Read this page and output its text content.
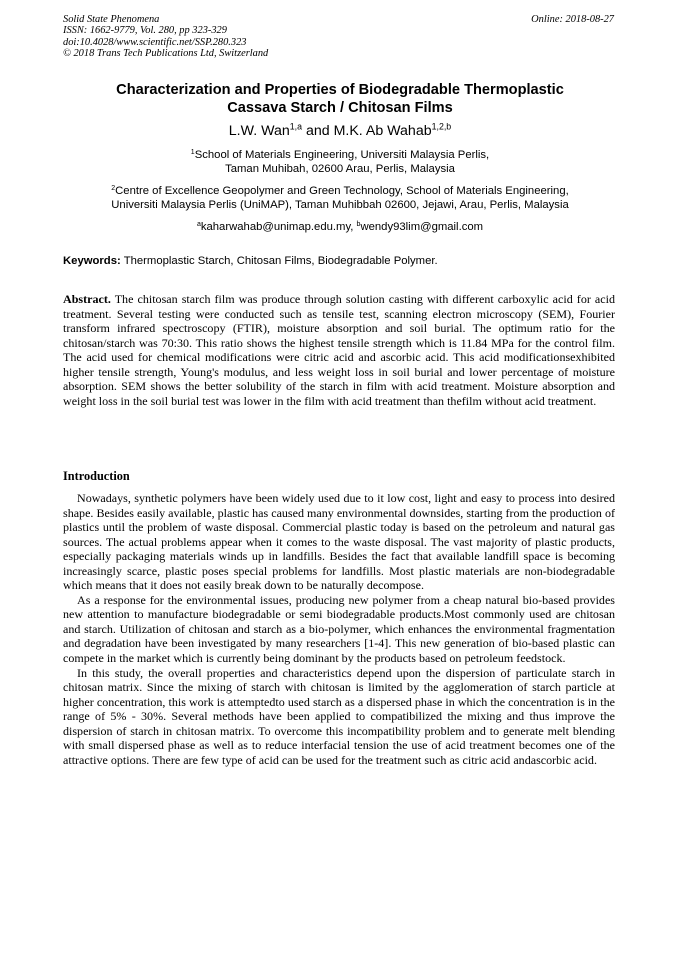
Solid State Phenomena
ISSN: 1662-9779, Vol. 280, pp 323-329
doi:10.4028/www.scientific.net/SSP.280.323
© 2018 Trans Tech Publications Ltd, Switzerland
Online: 2018-08-27
Characterization and Properties of Biodegradable Thermoplastic
Cassava Starch / Chitosan Films
L.W. Wan$^{1,a}$ and M.K. Ab Wahab$^{1,2,b}$
$^1$School of Materials Engineering, Universiti Malaysia Perlis,
Taman Muhibah, 02600 Arau, Perlis, Malaysia
$^2$Centre of Excellence Geopolymer and Green Technology, School of Materials Engineering,
Universiti Malaysia Perlis (UniMAP), Taman Muhibbah 02600, Jejawi, Arau, Perlis, Malaysia
$^a$kaharwahab@unimap.edu.my, $^b$wendy93lim@gmail.com
Keywords: Thermoplastic Starch, Chitosan Films, Biodegradable Polymer.

Abstract. The chitosan starch film was produce through solution casting with different carboxylic acid for acid treatment. Several testing were conducted such as tensile test, scanning electron microscopy (SEM), Fourier transform infrared spectroscopy (FTIR), moisture absorption and soil burial. The optimum ratio for the chitosan/starch was 70:30. This ratio shows the highest tensile strength which is 11.84 MPa for the control film. The acid used for chemical modifications were citric acid and ascorbic acid. This acid modificationsexhibited higher tensile strength, Young's modulus, and less weight loss in soil burial and lower percentage of moisture absorption. SEM shows the better solubility of the starch in film with acid treatment. Moisture absorption and weight loss in the soil burial test was lower in the film with acid treatment than thefilm without acid treatment.

Introduction

Nowadays, synthetic polymers have been widely used due to it low cost, light and easy to process into desired shape. Besides easily available, plastic has caused many environmental downsides, starting from the production of plastics until the problem of waste disposal. Commercial plastic today is based on the petroleum and natural gas sources. The actual problems appear when it comes to the waste disposal. The vast majority of plastic products, especially packaging materials winds up in landfills. Besides the fact that available landfill space is becoming increasingly scarce, plastic poses special problems for landfills. Most plastic materials are non-biodegradable which means that it does not easily break down to be naturally decompose.

As a response for the environmental issues, producing new polymer from a cheap natural bio-based provides new attention to manufacture biodegradable or semi biodegradable products.Most commonly used are chitosan and starch. Utilization of chitosan and starch as a bio-polymer, which enhances the environmental fragmentation and degradation have been investigated by many researchers [1-4]. This new generation of bio-based plastic can compete in the market which is currently being dominant by the products based on petroleum feedstock.

In this study, the overall properties and characteristics depend upon the dispersion of particulate starch in chitosan matrix. Since the mixing of starch with chitosan is limited by the agglomeration of starch particle at higher concentration, this work is attemptedto used starch as a dispersed phase in which the concentration is in the range of 5% - 30%. Several methods have been applied to compatibilized the mixing and thus improve the dispersion of starch in chitosan matrix. To overcome this incompatibility problem and to generate melt blending with small dispersed phase as well as to reduce interfacial tension the use of acid treatment becomes one of the attractive options. There are few type of acid can be used for the treatment such as citric acid andascorbic acid.
